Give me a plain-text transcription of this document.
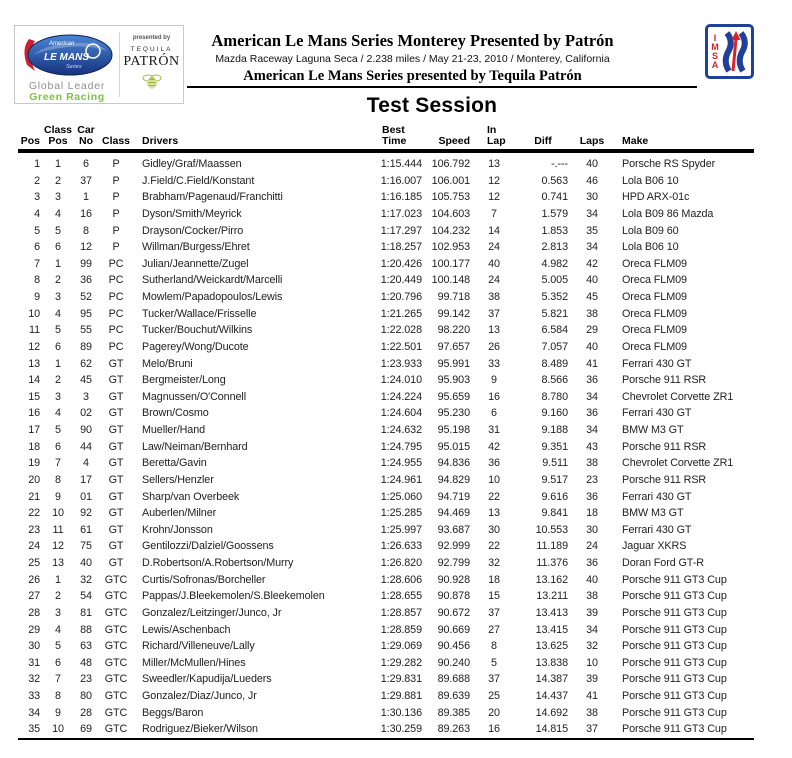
American
LE MANS
Series
Global Leader
Green Racing
presented by
TEQUILA
PATRÓN
American Le Mans Series Monterey Presented by Patrón
Mazda Raceway Laguna Seca / 2.238 miles / May 21-23, 2010 / Monterey, California
American Le Mans Series presented by Tequila Patrón
Test Session
IMSA
Pos	Class
Pos	Car
No	Class	Drivers	Best
Time	Speed	In
Lap	Diff	Laps	Make
1	1	6	P	Gidley/Graf/Maassen	1:15.444	106.792	13	-.---	40	Porsche RS Spyder
2	2	37	P	J.Field/C.Field/Konstant	1:16.007	106.001	12	0.563	46	Lola B06 10
3	3	1	P	Brabham/Pagenaud/Franchitti	1:16.185	105.753	12	0.741	30	HPD ARX-01c
4	4	16	P	Dyson/Smith/Meyrick	1:17.023	104.603	7	1.579	34	Lola B09 86 Mazda
5	5	8	P	Drayson/Cocker/Pirro	1:17.297	104.232	14	1.853	35	Lola B09 60
6	6	12	P	Willman/Burgess/Ehret	1:18.257	102.953	24	2.813	34	Lola B06 10
7	1	99	PC	Julian/Jeannette/Zugel	1:20.426	100.177	40	4.982	42	Oreca FLM09
8	2	36	PC	Sutherland/Weickardt/Marcelli	1:20.449	100.148	24	5.005	40	Oreca FLM09
9	3	52	PC	Mowlem/Papadopoulos/Lewis	1:20.796	99.718	38	5.352	45	Oreca FLM09
10	4	95	PC	Tucker/Wallace/Frisselle	1:21.265	99.142	37	5.821	38	Oreca FLM09
11	5	55	PC	Tucker/Bouchut/Wilkins	1:22.028	98.220	13	6.584	29	Oreca FLM09
12	6	89	PC	Pagerey/Wong/Ducote	1:22.501	97.657	26	7.057	40	Oreca FLM09
13	1	62	GT	Melo/Bruni	1:23.933	95.991	33	8.489	41	Ferrari 430 GT
14	2	45	GT	Bergmeister/Long	1:24.010	95.903	9	8.566	36	Porsche 911 RSR
15	3	3	GT	Magnussen/O'Connell	1:24.224	95.659	16	8.780	34	Chevrolet Corvette ZR1
16	4	02	GT	Brown/Cosmo	1:24.604	95.230	6	9.160	36	Ferrari 430 GT
17	5	90	GT	Mueller/Hand	1:24.632	95.198	31	9.188	34	BMW M3 GT
18	6	44	GT	Law/Neiman/Bernhard	1:24.795	95.015	42	9.351	43	Porsche 911 RSR
19	7	4	GT	Beretta/Gavin	1:24.955	94.836	36	9.511	38	Chevrolet Corvette ZR1
20	8	17	GT	Sellers/Henzler	1:24.961	94.829	10	9.517	23	Porsche 911 RSR
21	9	01	GT	Sharp/van Overbeek	1:25.060	94.719	22	9.616	36	Ferrari 430 GT
22	10	92	GT	Auberlen/Milner	1:25.285	94.469	13	9.841	18	BMW M3 GT
23	11	61	GT	Krohn/Jonsson	1:25.997	93.687	30	10.553	30	Ferrari 430 GT
24	12	75	GT	Gentilozzi/Dalziel/Goossens	1:26.633	92.999	22	11.189	24	Jaguar XKRS
25	13	40	GT	D.Robertson/A.Robertson/Murry	1:26.820	92.799	32	11.376	36	Doran Ford GT-R
26	1	32	GTC	Curtis/Sofronas/Borcheller	1:28.606	90.928	18	13.162	40	Porsche 911 GT3 Cup
27	2	54	GTC	Pappas/J.Bleekemolen/S.Bleekemolen	1:28.655	90.878	15	13.211	38	Porsche 911 GT3 Cup
28	3	81	GTC	Gonzalez/Leitzinger/Junco, Jr	1:28.857	90.672	37	13.413	39	Porsche 911 GT3 Cup
29	4	88	GTC	Lewis/Aschenbach	1:28.859	90.669	27	13.415	34	Porsche 911 GT3 Cup
30	5	63	GTC	Richard/Villeneuve/Lally	1:29.069	90.456	8	13.625	32	Porsche 911 GT3 Cup
31	6	48	GTC	Miller/McMullen/Hines	1:29.282	90.240	5	13.838	10	Porsche 911 GT3 Cup
32	7	23	GTC	Sweedler/Kapudija/Lueders	1:29.831	89.688	37	14.387	39	Porsche 911 GT3 Cup
33	8	80	GTC	Gonzalez/Diaz/Junco, Jr	1:29.881	89.639	25	14.437	41	Porsche 911 GT3 Cup
34	9	28	GTC	Beggs/Baron	1:30.136	89.385	20	14.692	38	Porsche 911 GT3 Cup
35	10	69	GTC	Rodriguez/Bieker/Wilson	1:30.259	89.263	16	14.815	37	Porsche 911 GT3 Cup
